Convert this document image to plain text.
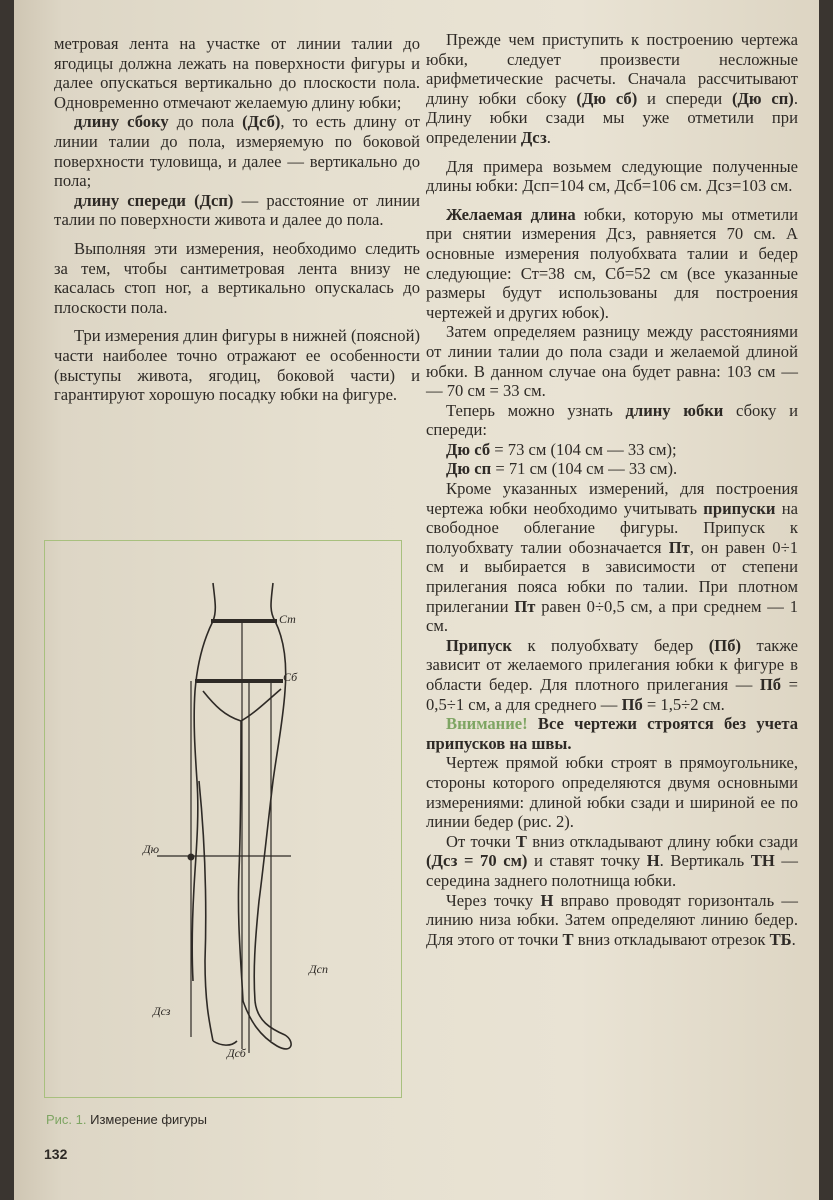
метровая лента на участке от линии талии до ягодицы должна лежать на поверхности фигуры и далее опускаться вертикально до плоскости пола. Одновременно отмечают желаемую длину юбки;

длину сбоку до пола (Дсб), то есть длину от линии талии до пола, измеряемую по боковой поверхности туловища, и далее — вертикально до пола;

длину спереди (Дсп) — расстояние от линии талии по поверхности живота и далее до пола.

Выполняя эти измерения, необходимо следить за тем, чтобы сантиметровая лента внизу не касалась стоп ног, а вертикально опускалась до плоскости пола.

Три измерения длин фигуры в нижней (поясной) части наиболее точно отражают ее особенности (выступы живота, ягодиц, боковой части) и гарантируют хорошую посадку юбки на фигуре.

Ст
Сб
Дю
Дсп
Дсз
Дсб
Рис. 1. Измерение фигуры
132

Прежде чем приступить к построению чертежа юбки, следует произвести несложные арифметические расчеты. Сначала рассчитывают длину юбки сбоку (Дю сб) и спереди (Дю сп). Длину юбки сзади мы уже отметили при определении Дсз.

Для примера возьмем следующие полученные длины юбки: Дсп=104 см, Дсб=106 см. Дсз=103 см.

Желаемая длина юбки, которую мы отметили при снятии измерения Дсз, равняется 70 см. А основные измерения полуобхвата талии и бедер следующие: Ст=38 см, Сб=52 см (все указанные размеры будут использованы для построения чертежей и других юбок).

Затем определяем разницу между расстояниями от линии талии до пола сзади и желаемой длиной юбки. В данном случае она будет равна: 103 см — — 70 см = 33 см.

Теперь можно узнать длину юбки сбоку и спереди:

Дю сб = 73 см (104 см — 33 см);

Дю сп = 71 см (104 см — 33 см).

Кроме указанных измерений, для построения чертежа юбки необходимо учитывать припуски на свободное облегание фигуры. Припуск к полуобхвату талии обозначается Пт, он равен 0÷1 см и выбирается в зависимости от степени прилегания пояса юбки по талии. При плотном прилегании Пт равен 0÷0,5 см, а при среднем — 1 см.

Припуск к полуобхвату бедер (Пб) также зависит от желаемого прилегания юбки к фигуре в области бедер. Для плотного прилегания — Пб = 0,5÷1 см, а для среднего — Пб = 1,5÷2 см.

Внимание! Все чертежи строятся без учета припусков на швы.

Чертеж прямой юбки строят в прямоугольнике, стороны которого определяются двумя основными измерениями: длиной юбки сзади и шириной ее по линии бедер (рис. 2).

От точки Т вниз откладывают длину юбки сзади (Дсз = 70 см) и ставят точку Н. Вертикаль ТН — середина заднего полотнища юбки.

Через точку Н вправо проводят горизонталь — линию низа юбки. Затем определяют линию бедер. Для этого от точки Т вниз откладывают отрезок ТБ.
